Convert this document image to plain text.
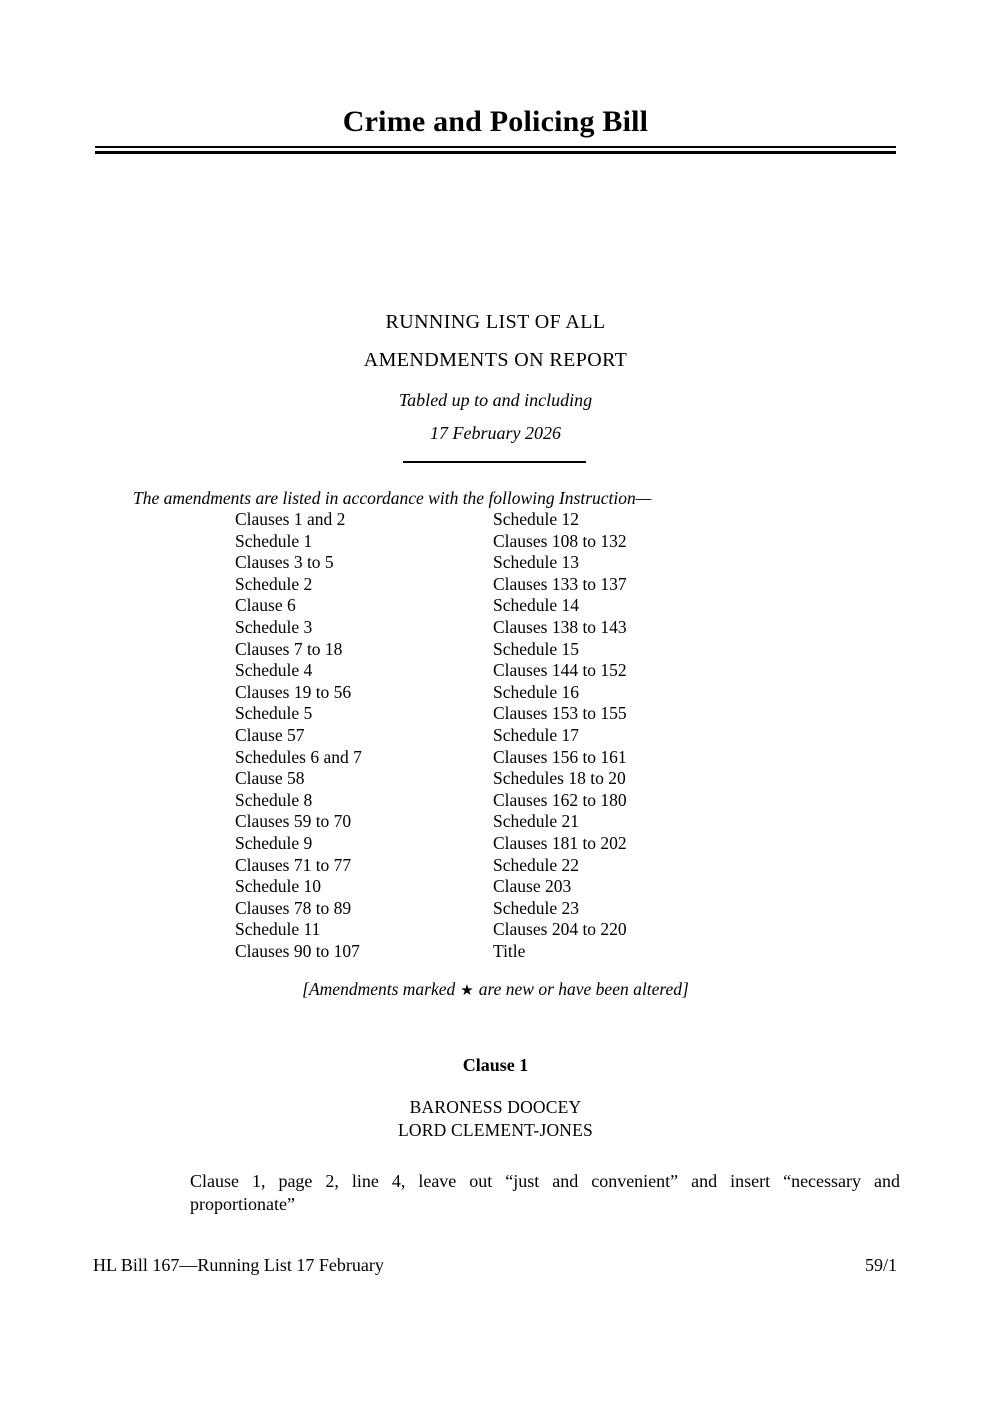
Crime and Policing Bill
RUNNING LIST OF ALL
AMENDMENTS ON REPORT
Tabled up to and including
17 February 2026
The amendments are listed in accordance with the following Instruction—
Clauses 1 and 2
Schedule 1
Clauses 3 to 5
Schedule 2
Clause 6
Schedule 3
Clauses 7 to 18
Schedule 4
Clauses 19 to 56
Schedule 5
Clause 57
Schedules 6 and 7
Clause 58
Schedule 8
Clauses 59 to 70
Schedule 9
Clauses 71 to 77
Schedule 10
Clauses 78 to 89
Schedule 11
Clauses 90 to 107
Schedule 12
Clauses 108 to 132
Schedule 13
Clauses 133 to 137
Schedule 14
Clauses 138 to 143
Schedule 15
Clauses 144 to 152
Schedule 16
Clauses 153 to 155
Schedule 17
Clauses 156 to 161
Schedules 18 to 20
Clauses 162 to 180
Schedule 21
Clauses 181 to 202
Schedule 22
Clause 203
Schedule 23
Clauses 204 to 220
Title
[Amendments marked ★ are new or have been altered]
Clause 1
BARONESS DOOCEY
LORD CLEMENT-JONES
Clause 1, page 2, line 4, leave out “just and convenient” and insert “necessary and
proportionate”
HL Bill 167—Running List 17 February	59/1
